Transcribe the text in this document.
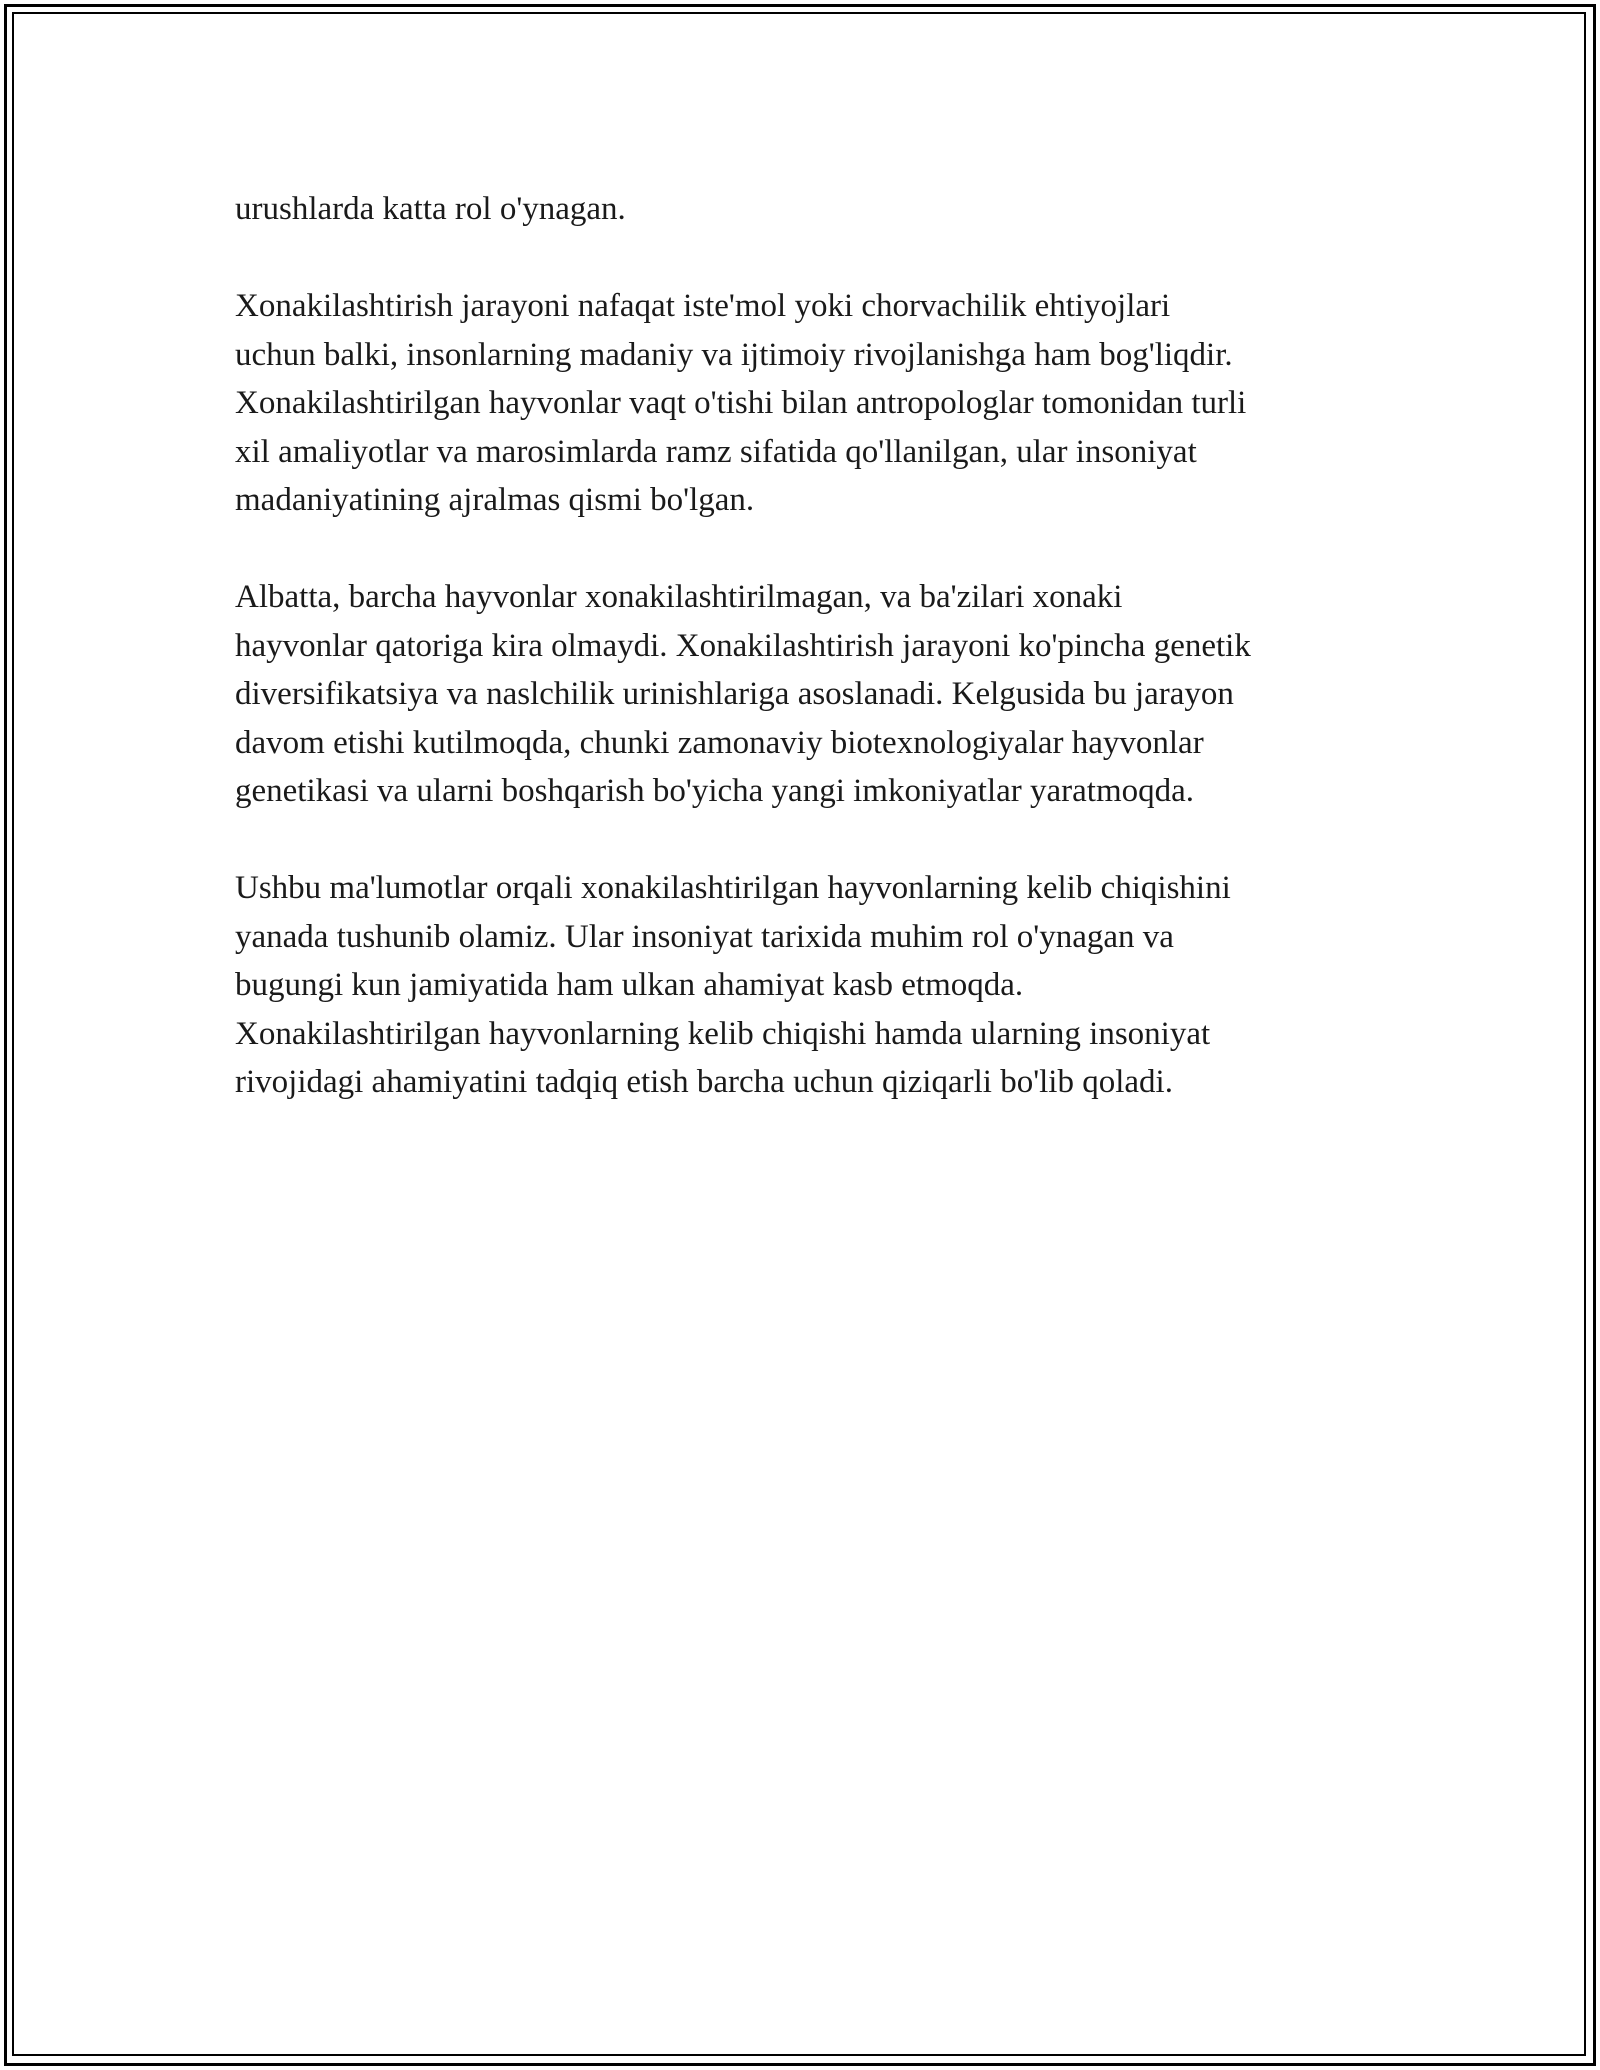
urushlarda katta rol o'ynagan.

Xonakilashtirish jarayoni nafaqat iste'mol yoki chorvachilik ehtiyojlari
uchun balki, insonlarning madaniy va ijtimoiy rivojlanishga ham bog'liqdir.
Xonakilashtirilgan hayvonlar vaqt o'tishi bilan antropologlar tomonidan turli
xil amaliyotlar va marosimlarda ramz sifatida qo'llanilgan, ular insoniyat
madaniyatining ajralmas qismi bo'lgan.

Albatta, barcha hayvonlar xonakilashtirilmagan, va ba'zilari xonaki
hayvonlar qatoriga kira olmaydi. Xonakilashtirish jarayoni ko'pincha genetik
diversifikatsiya va naslchilik urinishlariga asoslanadi. Kelgusida bu jarayon
davom etishi kutilmoqda, chunki zamonaviy biotexnologiyalar hayvonlar
genetikasi va ularni boshqarish bo'yicha yangi imkoniyatlar yaratmoqda.

Ushbu ma'lumotlar orqali xonakilashtirilgan hayvonlarning kelib chiqishini
yanada tushunib olamiz. Ular insoniyat tarixida muhim rol o'ynagan va
bugungi kun jamiyatida ham ulkan ahamiyat kasb etmoqda.
Xonakilashtirilgan hayvonlarning kelib chiqishi hamda ularning insoniyat
rivojidagi ahamiyatini tadqiq etish barcha uchun qiziqarli bo'lib qoladi.
